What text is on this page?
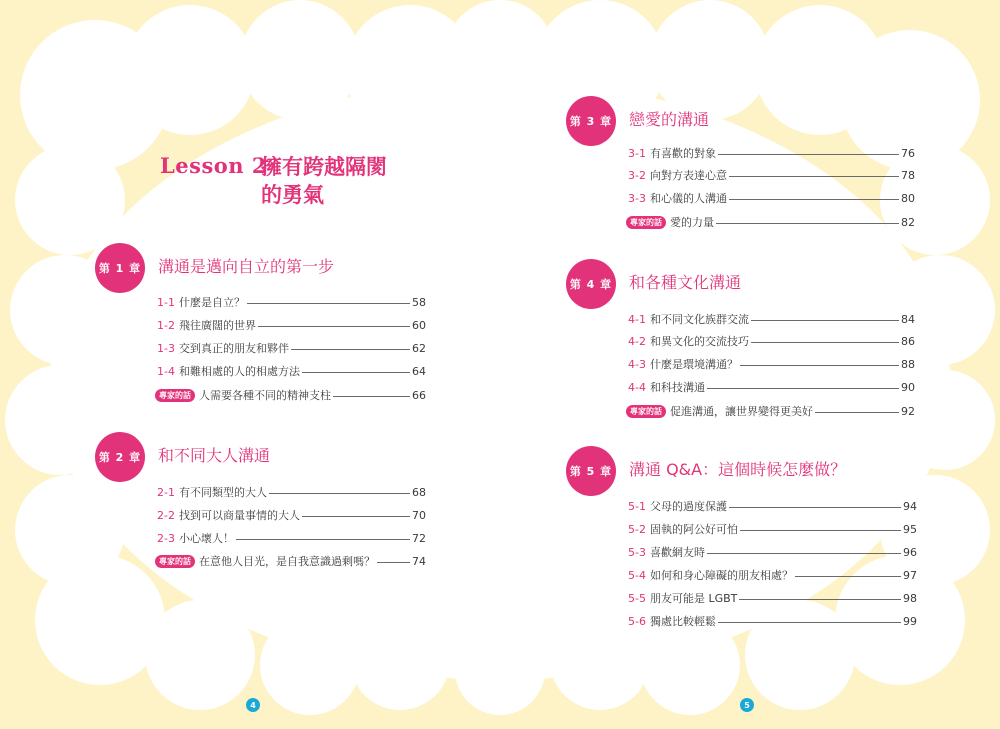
Lesson 2
擁有跨越隔閡的勇氣
第 1 章 溝通是邁向自立的第一步
1-1 什麼是自立？	58
1-2 飛往廣闊的世界	60
1-3 交到真正的朋友和夥伴	62
1-4 和難相處的人的相處方法	64
專家的話 人需要各種不同的精神支柱	66
第 2 章 和不同大人溝通
2-1 有不同類型的大人	68
2-2 找到可以商量事情的大人	70
2-3 小心壞人！	72
專家的話 在意他人目光，是自我意識過剩嗎？	74
第 3 章 戀愛的溝通
3-1 有喜歡的對象	76
3-2 向對方表達心意	78
3-3 和心儀的人溝通	80
專家的話 愛的力量	82
第 4 章 和各種文化溝通
4-1 和不同文化族群交流	84
4-2 和異文化的交流技巧	86
4-3 什麼是環境溝通？	88
4-4 和科技溝通	90
專家的話 促進溝通，讓世界變得更美好	92
第 5 章 溝通 Q&A：這個時候怎麼做？
5-1 父母的過度保護	94
5-2 固執的阿公好可怕	95
5-3 喜歡網友時	96
5-4 如何和身心障礙的朋友相處？	97
5-5 朋友可能是 LGBT	98
5-6 獨處比較輕鬆	99
4	5
